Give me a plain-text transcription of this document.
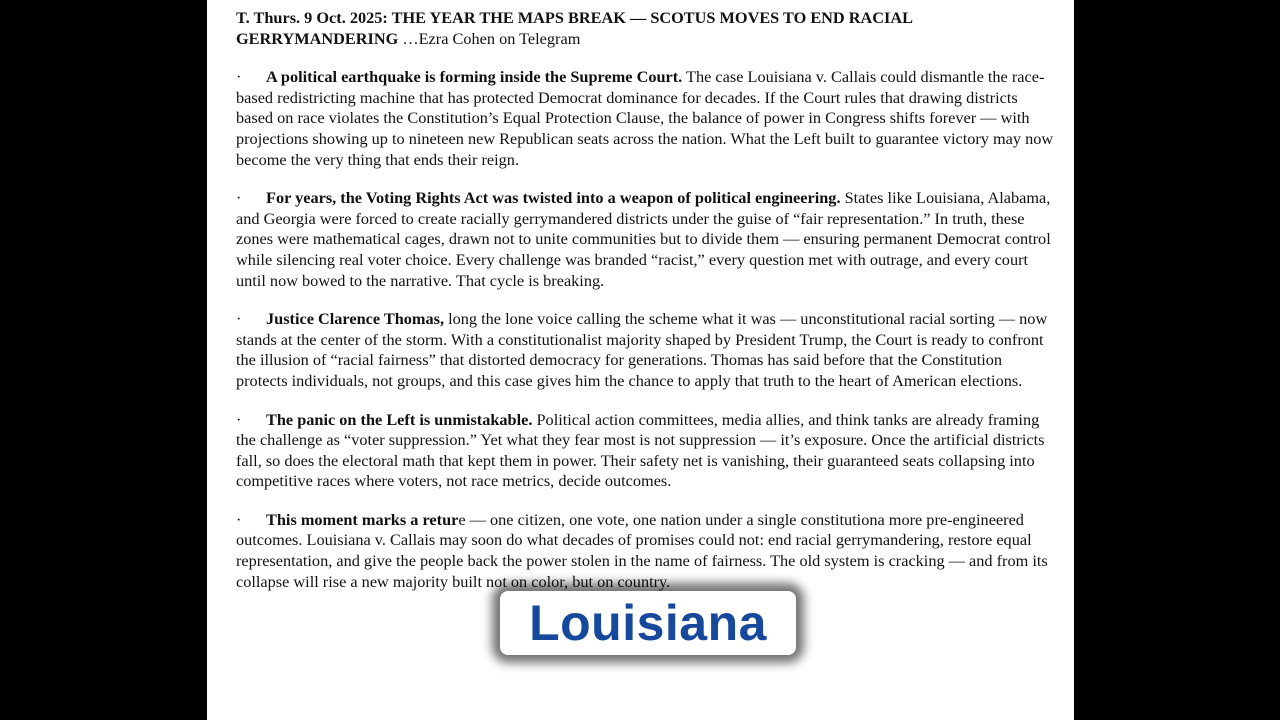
T. Thurs. 9 Oct. 2025: THE YEAR THE MAPS BREAK — SCOTUS MOVES TO END RACIAL GERRYMANDERING …Ezra Cohen on Telegram

· A political earthquake is forming inside the Supreme Court. The case Louisiana v. Callais could dismantle the race-based redistricting machine that has protected Democrat dominance for decades. If the Court rules that drawing districts based on race violates the Constitution’s Equal Protection Clause, the balance of power in Congress shifts forever — with projections showing up to nineteen new Republican seats across the nation. What the Left built to guarantee victory may now become the very thing that ends their reign.

· For years, the Voting Rights Act was twisted into a weapon of political engineering. States like Louisiana, Alabama, and Georgia were forced to create racially gerrymandered districts under the guise of “fair representation.” In truth, these zones were mathematical cages, drawn not to unite communities but to divide them — ensuring permanent Democrat control while silencing real voter choice. Every challenge was branded “racist,” every question met with outrage, and every court until now bowed to the narrative. That cycle is breaking.

· Justice Clarence Thomas, long the lone voice calling the scheme what it was — unconstitutional racial sorting — now stands at the center of the storm. With a constitutionalist majority shaped by President Trump, the Court is ready to confront the illusion of “racial fairness” that distorted democracy for generations. Thomas has said before that the Constitution protects individuals, not groups, and this case gives him the chance to apply that truth to the heart of American elections.

· The panic on the Left is unmistakable. Political action committees, media allies, and think tanks are already framing the challenge as “voter suppression.” Yet what they fear most is not suppression — it’s exposure. Once the artificial districts fall, so does the electoral math that kept them in power. Their safety net is vanishing, their guaranteed seats collapsing into competitive races where voters, not race metrics, decide outcomes.

· This moment marks a reture — one citizen, one vote, one nation under a single constitutiona more pre-engineered outcomes. Louisiana v. Callais may soon do what decades of promises could not: end racial gerrymandering, restore equal representation, and give the people back the power stolen in the name of fairness. The old system is cracking — and from its collapse will rise a new majority built not on color, but on country.

Louisiana
